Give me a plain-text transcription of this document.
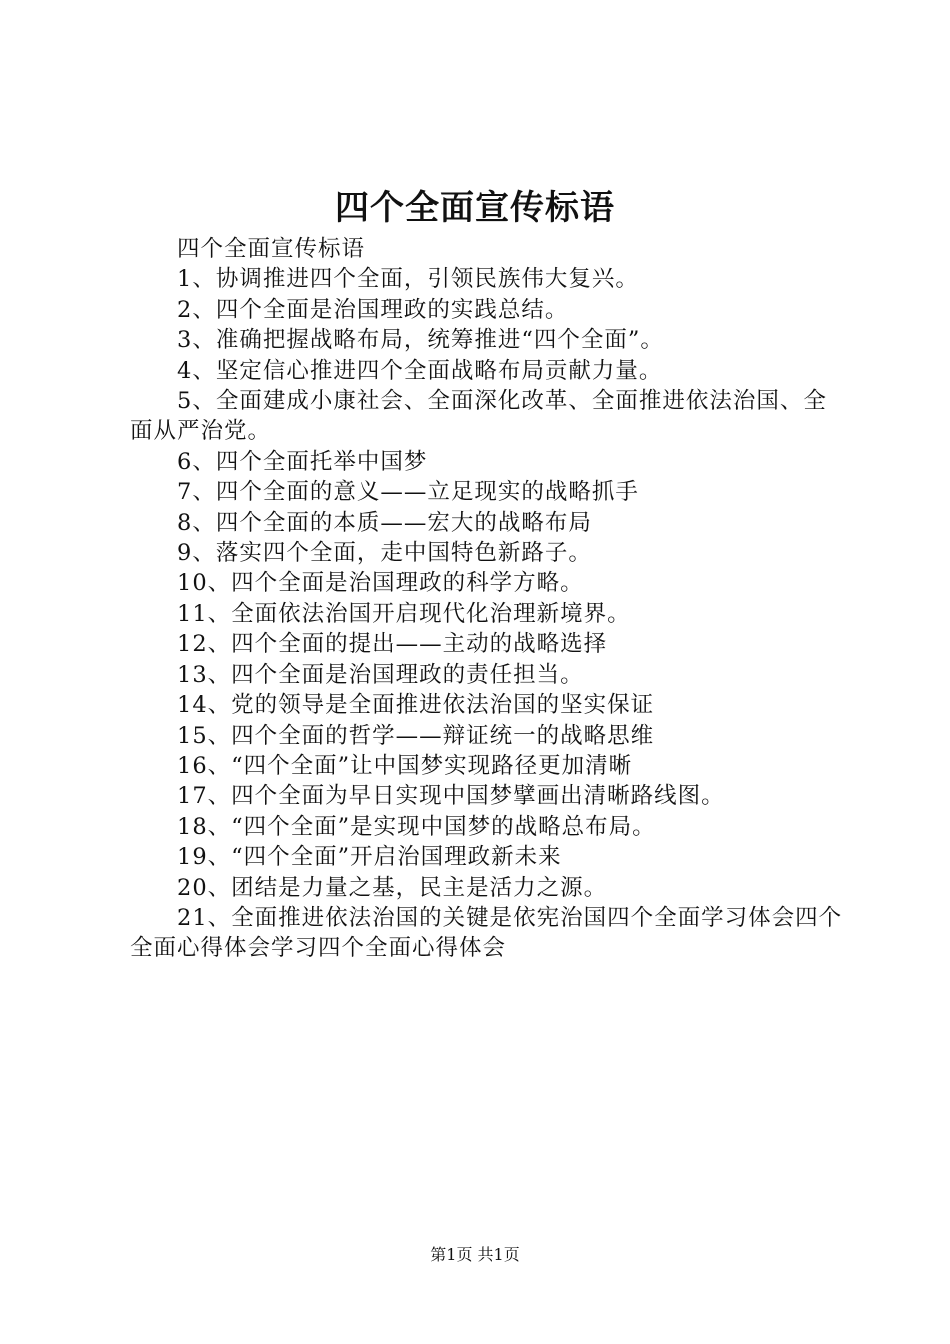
四个全面宣传标语

四个全面宣传标语

1、协调推进四个全面，引领民族伟大复兴。

2、四个全面是治国理政的实践总结。

3、准确把握战略布局，统筹推进“四个全面”。

4、坚定信心推进四个全面战略布局贡献力量。

5、全面建成小康社会、全面深化改革、全面推进依法治国、全面从严治党。

6、四个全面托举中国梦

7、四个全面的意义——立足现实的战略抓手

8、四个全面的本质——宏大的战略布局

9、落实四个全面，走中国特色新路子。

10、四个全面是治国理政的科学方略。

11、全面依法治国开启现代化治理新境界。

12、四个全面的提出——主动的战略选择

13、四个全面是治国理政的责任担当。

14、党的领导是全面推进依法治国的坚实保证

15、四个全面的哲学——辩证统一的战略思维

16、“四个全面”让中国梦实现路径更加清晰

17、四个全面为早日实现中国梦擘画出清晰路线图。

18、“四个全面”是实现中国梦的战略总布局。

19、“四个全面”开启治国理政新未来

20、团结是力量之基，民主是活力之源。

21、全面推进依法治国的关键是依宪治国四个全面学习体会四个全面心得体会学习四个全面心得体会

第1页 共1页
